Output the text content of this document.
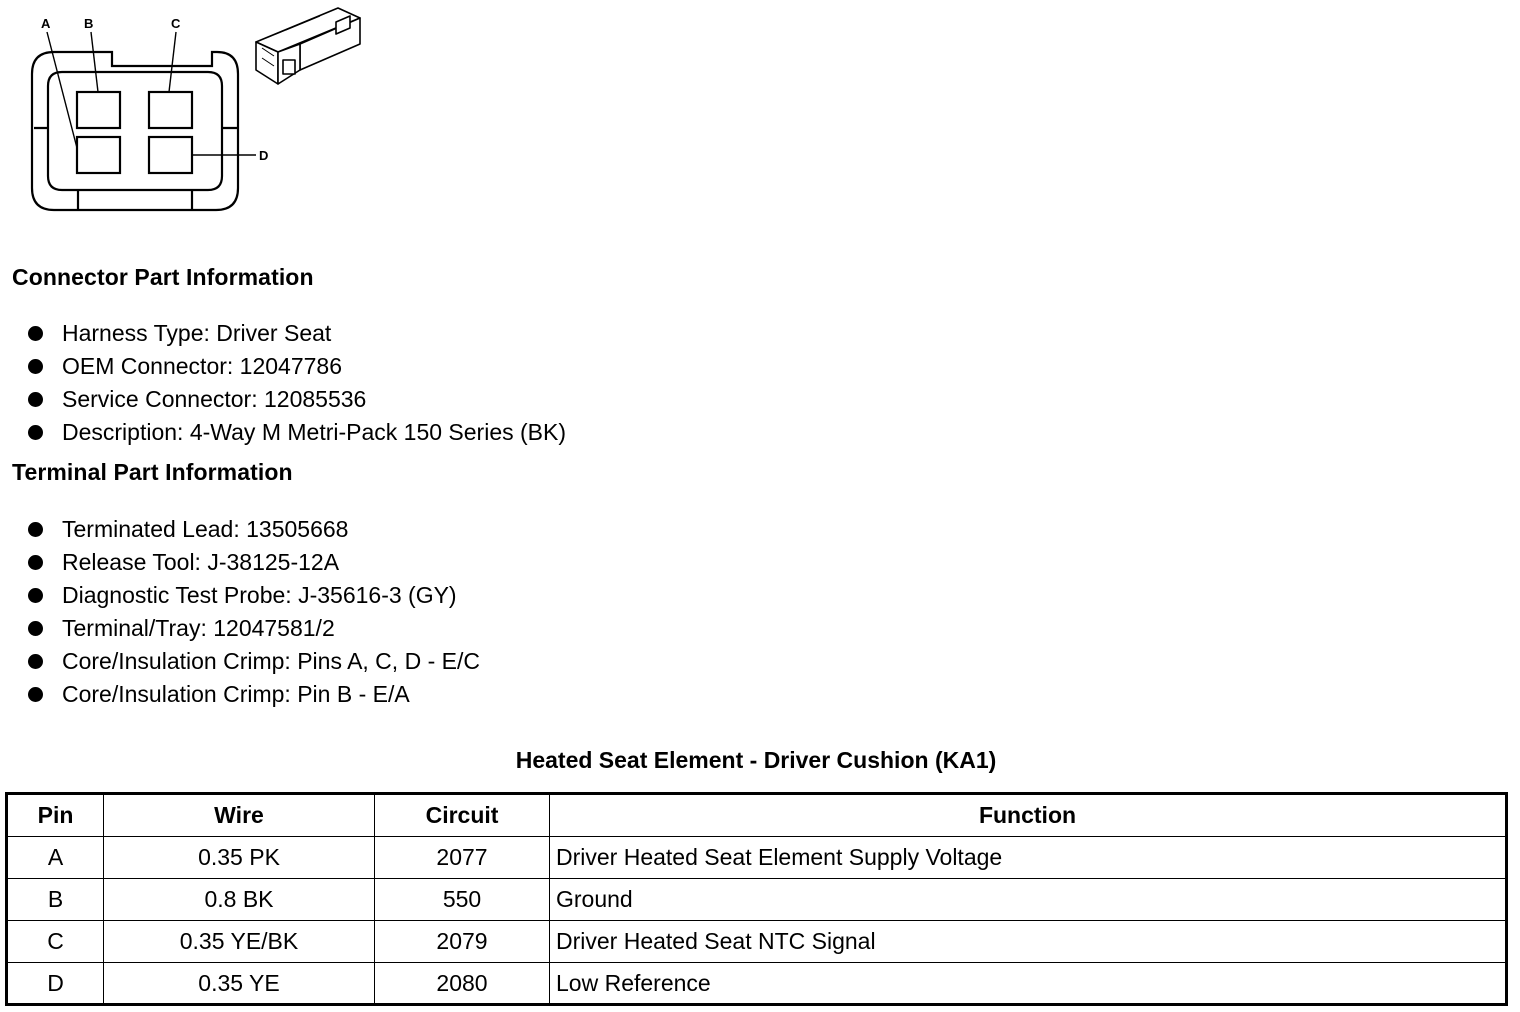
A	B	C
D
Connector Part Information
Harness Type: Driver Seat
OEM Connector: 12047786
Service Connector: 12085536
Description: 4-Way M Metri-Pack 150 Series (BK)
Terminal Part Information
Terminated Lead: 13505668
Release Tool: J-38125-12A
Diagnostic Test Probe: J-35616-3 (GY)
Terminal/Tray: 12047581/2
Core/Insulation Crimp: Pins A, C, D - E/C
Core/Insulation Crimp: Pin B - E/A
Heated Seat Element - Driver Cushion (KA1)
Pin	Wire	Circuit	Function
A	0.35 PK	2077	Driver Heated Seat Element Supply Voltage
B	0.8 BK	550	Ground
C	0.35 YE/BK	2079	Driver Heated Seat NTC Signal
D	0.35 YE	2080	Low Reference
